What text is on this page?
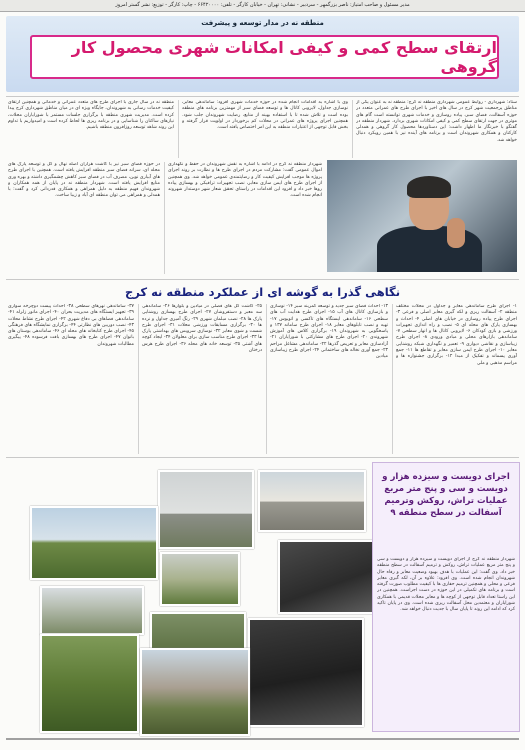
مدیر مسئول و صاحب امتیاز: ناصر بزرگمهر - سردبیر - نشانی: تهران - خیابان کارگر - تلفن: ۶۶۴۲۰۰۰۰ - چاپ: کارگر - توزیع: نشر گستر امروز
منطقه نه در مدار توسعه و پیشرفت
ارتقای سطح کمی و کیفی امکانات شهری محصول کار گروهی
ستاد: شهرداری - روابط عمومی شهرداری منطقه نه کرج: منطقه نه به عنوان یکی از مناطق پرجمعیت شهر کرج در سال های اخیر با اجرای طرح های عمرانی متعدد در حوزه آسفالت، فضای سبز، پیاده روسازی و خدمات شهری توانسته است گام های موثری در جهت ارتقای سطح کمی و کیفی امکانات شهری بردارد. شهردار منطقه در گفتگو با خبرنگار ما اظهار داشت: این دستاوردها محصول کار گروهی و همدلی کارکنان و همکاری شهروندان است و برنامه های آینده نیز با همین رویکرد دنبال خواهد شد.
وی با اشاره به اقدامات انجام شده در حوزه خدمات شهری افزود: ساماندهی معابر، نوسازی جداول، لایروبی کانال ها و توسعه فضای سبز از مهمترین برنامه های منطقه بوده است و تلاش شده تا با استفاده بهینه از منابع، رضایت شهروندان جلب شود. همچنین اجرای پروژه های عمرانی در محلات کم برخوردار در اولویت قرار گرفته و بخش قابل توجهی از اعتبارات منطقه به این امر اختصاص یافته است.
منطقه نه در سال جاری با اجرای طرح های متعدد عمرانی و خدماتی و همچنین ارتقای کیفیت خدمات رسانی به شهروندان، جایگاه ویژه ای در میان مناطق شهرداری کرج پیدا کرده است. مدیریت شهری منطقه با برگزاری جلسات مستمر با شورایاران محلات، نیازهای ساکنان را شناسایی و در برنامه ریزی ها لحاظ کرده است و امیدواریم با تداوم این روند شاهد توسعه روزافزون منطقه باشیم.
شهردار منطقه نه کرج در ادامه با اشاره به نقش شهروندان در حفظ و نگهداری اموال عمومی گفت: مشارکت مردم در اجرای طرح ها و نظارت بر روند اجرای پروژه ها موجب افزایش کیفیت کار و رضایتمندی عمومی خواهد شد. وی همچنین از اجرای طرح های ایمن سازی معابر، نصب تجهیزات ترافیکی و بهسازی پیاده روها خبر داد و افزود این اقدامات در راستای تحقق شعار شهر دوستدار شهروند انجام شده است.
در حوزه فضای سبز نیز با کاشت هزاران اصله نهال و گل و توسعه پارک های محله ای، سرانه فضای سبز منطقه افزایش یافته است. همچنین با اجرای طرح های آبیاری نوین، مصرف آب در فضای سبز کاهش چشمگیری داشته و بهره وری منابع افزایش یافته است. شهردار منطقه نه در پایان از همه همکاران و شهروندان فهیم منطقه به دلیل همراهی و همکاری قدردانی کرد و گفت: با همدلی و همراهی می توان منطقه ای آباد و زیبا ساخت.
نگاهی گذرا به گوشه ای از عملکرد منطقه نه کرج
۱- اجرای طرح ساماندهی معابر و جداول در محلات مختلف منطقه ۲- آسفالت ریزی و لکه گیری معابر اصلی و فرعی ۳- اجرای طرح پیاده روسازی در خیابان های اصلی ۴- احداث و بهسازی پارک های محله ای ۵- نصب و راه اندازی تجهیزات ورزشی و بازی کودکان ۶- لایروبی کانال ها و انهار سطحی ۷- ساماندهی بازارهای محلی و مبادی ورودی ۸- اجرای طرح زیباسازی و نقاشی دیواری ۹- تعمیر و نگهداری شبکه روشنایی معابر ۱۰- اجرای طرح ایمن سازی معابر و تقاطع ها ۱۱- جمع آوری پسماند و تفکیک از مبدا ۱۲- برگزاری جشنواره ها و مراسم مذهبی و ملی
۱۳- احداث فضای سبز جدید و توسعه کمربند سبز ۱۴- نوسازی و بازسازی کانال های آب ۱۵- اجرای طرح هدایت آب های سطحی ۱۶- ساماندهی ایستگاه های تاکسی و اتوبوس ۱۷- تهیه و نصب تابلوهای معابر ۱۸- اجرای طرح سامانه ۱۳۷ و پاسخگویی به شهروندان ۱۹- برگزاری کلاس های آموزش شهروندی ۲۰- اجرای طرح های مشارکتی با شورایاران ۲۱- آزادسازی معابر و تعریض گذرها ۲۲- ساماندهی مشاغل مزاحم ۲۳- جمع آوری نخاله های ساختمانی ۲۴- اجرای طرح زیباسازی میادین
۲۵- کاشت گل های فصلی در میادین و بلوارها ۲۶- ساماندهی سد معبر و دستفروشان ۲۷- اجرای طرح بهسازی روشنایی پارک ها ۲۸- نصب مبلمان شهری ۲۹- رنگ آمیزی جداول و نرده ها ۳۰- برگزاری مسابقات ورزشی محلات ۳۱- اجرای طرح شست و شوی معابر ۳۲- نوسازی سرویس های بهداشتی پارک ها ۳۳- اجرای طرح مناسب سازی برای معلولان ۳۴- ایجاد کوچه های آشتی ۳۵- توسعه خانه های محله ۳۶- اجرای طرح هرس درختان
۳۷- ساماندهی نهرهای سطحی ۳۸- احداث پیست دوچرخه سواری ۳۹- تجهیز ایستگاه های مدیریت بحران ۴۰- اجرای مانور زلزله ۴۱- ساماندهی فضاهای بی دفاع شهری ۴۲- اجرای طرح نشاط محلات ۴۳- نصب دوربین های نظارتی ۴۴- برگزاری نمایشگاه های فرهنگی ۴۵- اجرای طرح کتابخانه های محله ای ۴۶- ساماندهی بوستان های بانوان ۴۷- اجرای طرح های بهسازی بافت فرسوده ۴۸- پیگیری مطالبات شهروندان
اجرای دویست و سیزده هزار و دویست و سی و پنج متر مربع عملیات تراش، روکش وترمیم آسفالت در سطح منطقه ۹
شهردار منطقه نه کرج از اجرای دویست و سیزده هزار و دویست و سی و پنج متر مربع عملیات تراش، روکش و ترمیم آسفالت در سطح منطقه خبر داد. وی گفت: این عملیات با هدف بهبود وضعیت معابر و رفاه حال شهروندان انجام شده است. وی افزود: علاوه بر آن، لکه گیری معابر فرعی و محلی و همچنین ترمیم حفاری ها با کیفیت مطلوب صورت گرفته است و برنامه های تکمیلی در این حوزه در دست اجراست. همچنین در این راستا تعداد قابل توجهی از کوچه ها و معابر محلات قدیمی با همکاری شورایاران و معتمدین محل آسفالت ریزی شده است. وی در پایان تاکید کرد که ادامه این روند تا پایان سال با جدیت دنبال خواهد شد.
